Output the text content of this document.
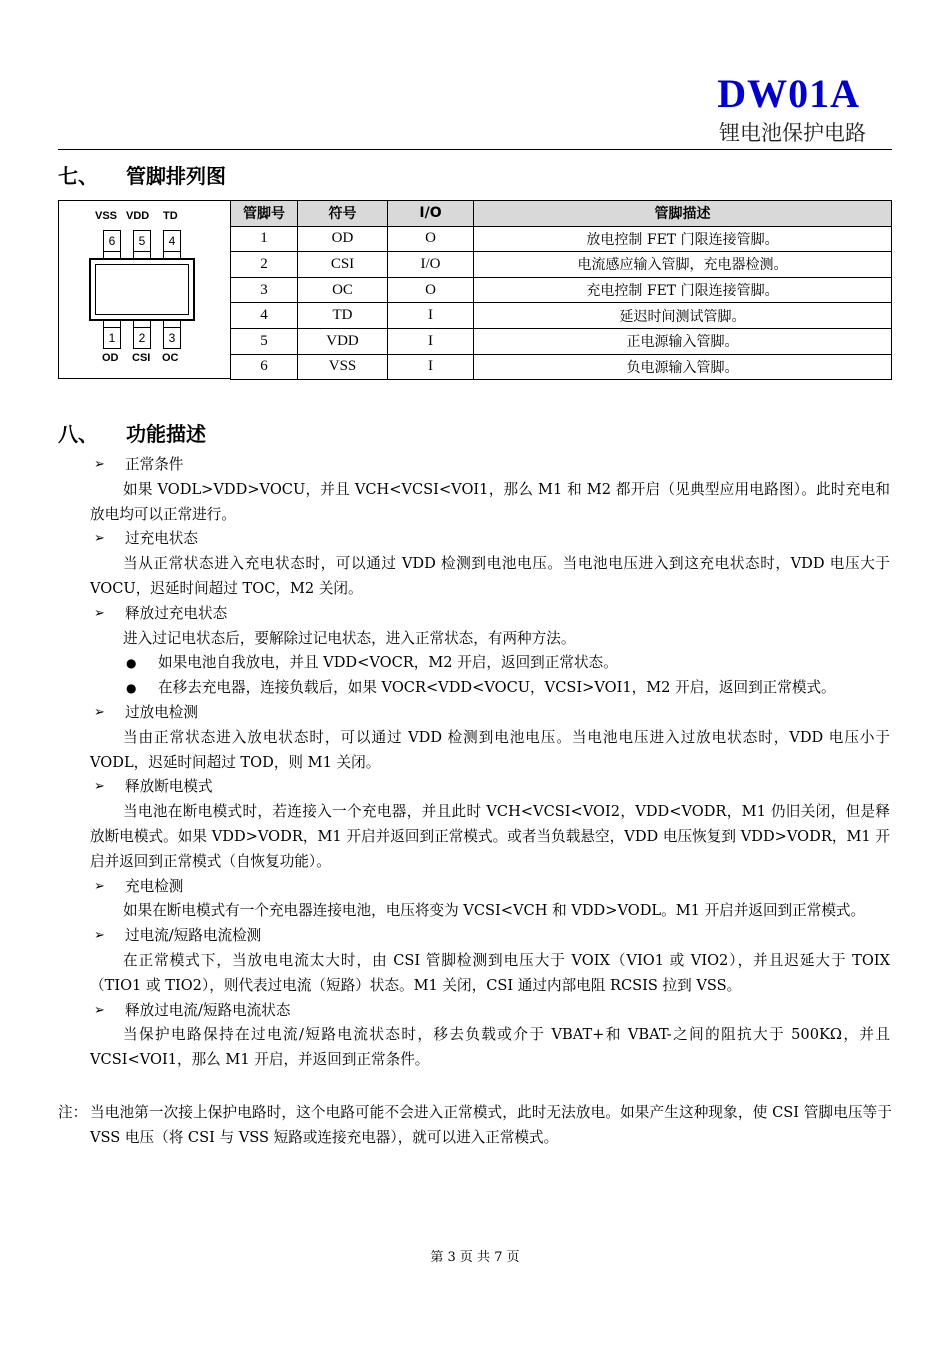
DW01A
锂电池保护电路
七、 管脚排列图
VSS VDD TD
6	5	4
1	2	3
OD CSI OC
管脚号	符号	I/O	管脚描述
1	OD	O	放电控制 FET 门限连接管脚。
2	CSI	I/O	电流感应输入管脚，充电器检测。
3	OC	O	充电控制 FET 门限连接管脚。
4	TD	I	延迟时间测试管脚。
5	VDD	I	正电源输入管脚。
6	VSS	I	负电源输入管脚。
八、 功能描述
➢ 正常条件
如果 VODL>VDD>VOCU，并且 VCH<VCSI<VOI1，那么 M1 和 M2 都开启（见典型应用电路图）。此时充电和放电均可以正常进行。
➢ 过充电状态
当从正常状态进入充电状态时，可以通过 VDD 检测到电池电压。当电池电压进入到这充电状态时，VDD 电压大于 VOCU，迟延时间超过 TOC，M2 关闭。
➢ 释放过充电状态
进入过记电状态后，要解除过记电状态，进入正常状态，有两种方法。
● 如果电池自我放电，并且 VDD<VOCR，M2 开启，返回到正常状态。
● 在移去充电器，连接负载后，如果 VOCR<VDD<VOCU，VCSI>VOI1，M2 开启，返回到正常模式。
➢ 过放电检测
当由正常状态进入放电状态时，可以通过 VDD 检测到电池电压。当电池电压进入过放电状态时，VDD 电压小于 VODL，迟延时间超过 TOD，则 M1 关闭。
➢ 释放断电模式
当电池在断电模式时，若连接入一个充电器，并且此时 VCH<VCSI<VOI2，VDD<VODR，M1 仍旧关闭，但是释放断电模式。如果 VDD>VODR，M1 开启并返回到正常模式。或者当负载悬空，VDD 电压恢复到 VDD>VODR，M1 开启并返回到正常模式（自恢复功能）。
➢ 充电检测
如果在断电模式有一个充电器连接电池，电压将变为 VCSI<VCH 和 VDD>VODL。M1 开启并返回到正常模式。
➢ 过电流/短路电流检测
在正常模式下，当放电电流太大时，由 CSI 管脚检测到电压大于 VOIX（VIO1 或 VIO2），并且迟延大于 TOIX（TIO1 或 TIO2），则代表过电流（短路）状态。M1 关闭，CSI 通过内部电阻 RCSIS 拉到 VSS。
➢ 释放过电流/短路电流状态
当保护电路保持在过电流/短路电流状态时，移去负载或介于 VBAT+和 VBAT-之间的阻抗大于 500KΩ，并且 VCSI<VOI1，那么 M1 开启，并返回到正常条件。
注： 当电池第一次接上保护电路时，这个电路可能不会进入正常模式，此时无法放电。如果产生这种现象，使 CSI 管脚电压等于 VSS 电压（将 CSI 与 VSS 短路或连接充电器），就可以进入正常模式。
第 3 页 共 7 页
